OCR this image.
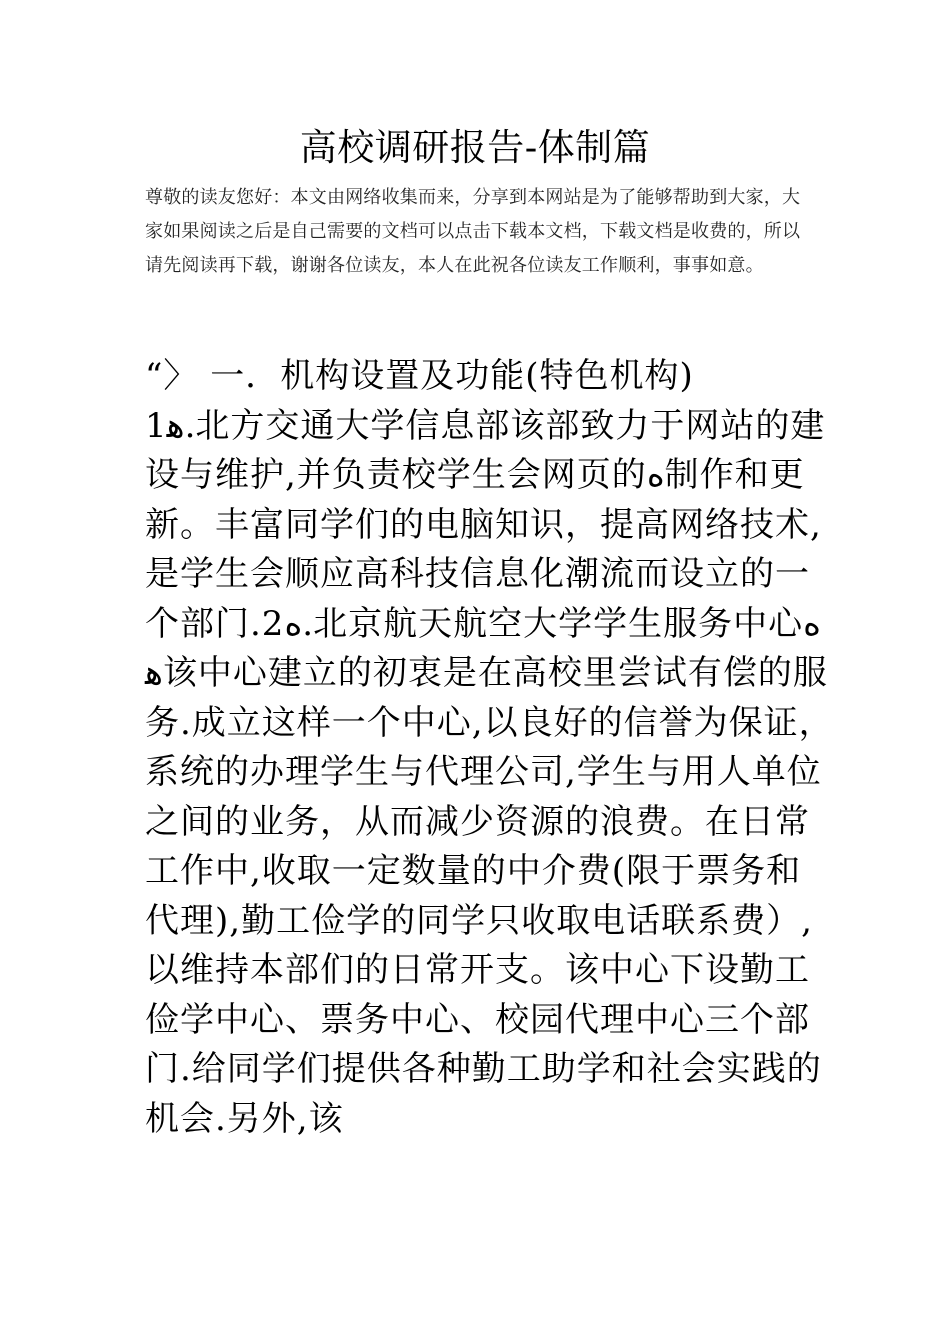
高校调研报告-体制篇

尊敬的读友您好：本文由网络收集而来，分享到本网站是为了能够帮助到大家，大家如果阅读之后是自己需要的文档可以点击下载本文档，下载文档是收费的，所以请先阅读再下载，谢谢各位读友，本人在此祝各位读友工作顺利，事事如意。

“〉 一．机构设置及功能(特色机构)
1ﻫ.北方交通大学信息部该部致力于网站的建设与维护,并负责校学生会网页的ﻩ制作和更新。丰富同学们的电脑知识，提高网络技术,是学生会顺应高科技信息化潮流而设立的一个部门.2ﻩ.北京航天航空大学学生服务中心ﻩﻫ该中心建立的初衷是在高校里尝试有偿的服务.成立这样一个中心,以良好的信誉为保证，系统的办理学生与代理公司,学生与用人单位之间的业务，从而减少资源的浪费。在日常工作中,收取一定数量的中介费(限于票务和代理),勤工俭学的同学只收取电话联系费）,以维持本部们的日常开支。该中心下设勤工俭学中心、票务中心、校园代理中心三个部门.给同学们提供各种勤工助学和社会实践的机会.另外,该
